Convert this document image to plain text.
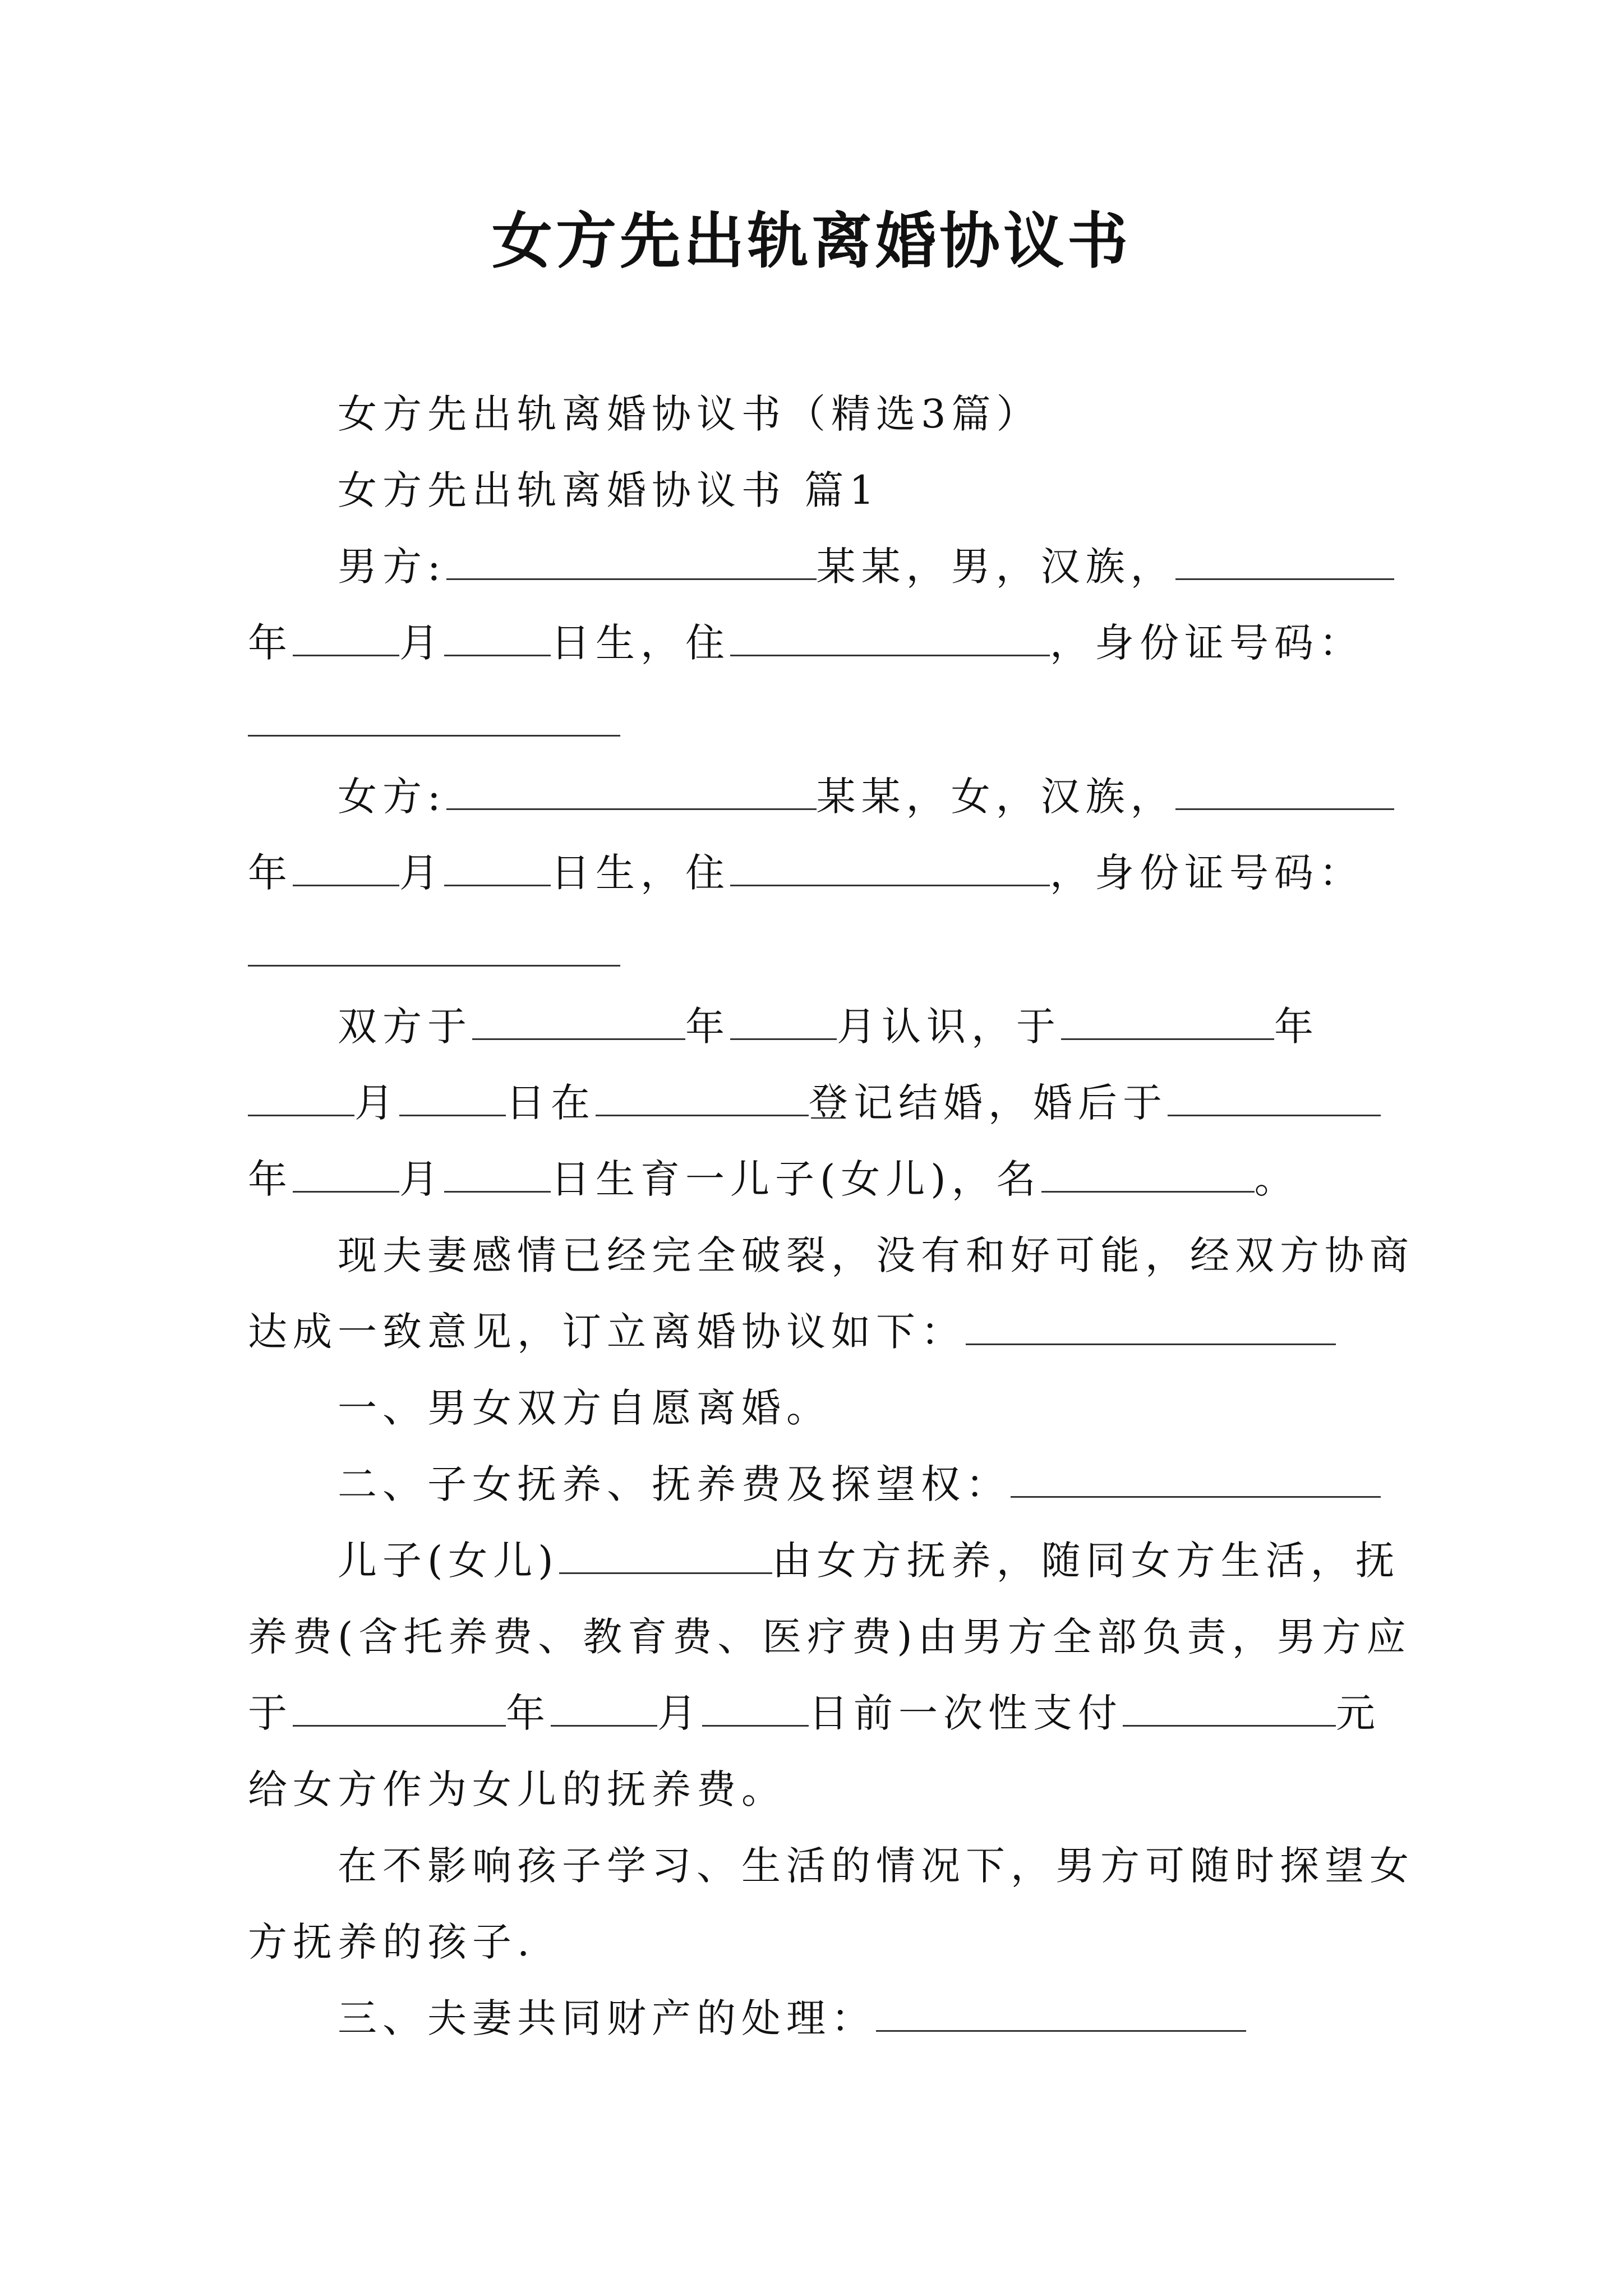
女方先出轨离婚协议书
女方先出轨离婚协议书（精选3篇）
女方先出轨离婚协议书 篇1
男方:	某某，男，汉族，
年	月	日生，住	，身份证号码：
女方:	某某，女，汉族，
年	月	日生，住	，身份证号码：
双方于	年	月认识，于	年
月	日在	登记结婚，婚后于
年	月	日生育一儿子(女儿)，名	。
现夫妻感情已经完全破裂，没有和好可能，经双方协商
达成一致意见，订立离婚协议如下：
一、男女双方自愿离婚。
二、子女抚养、抚养费及探望权：
儿子(女儿)	由女方抚养，随同女方生活，抚
养费(含托养费、教育费、医疗费)由男方全部负责，男方应
于	年	月	日前一次性支付	元
给女方作为女儿的抚养费。
在不影响孩子学习、生活的情况下，男方可随时探望女
方抚养的孩子.
三、夫妻共同财产的处理：
